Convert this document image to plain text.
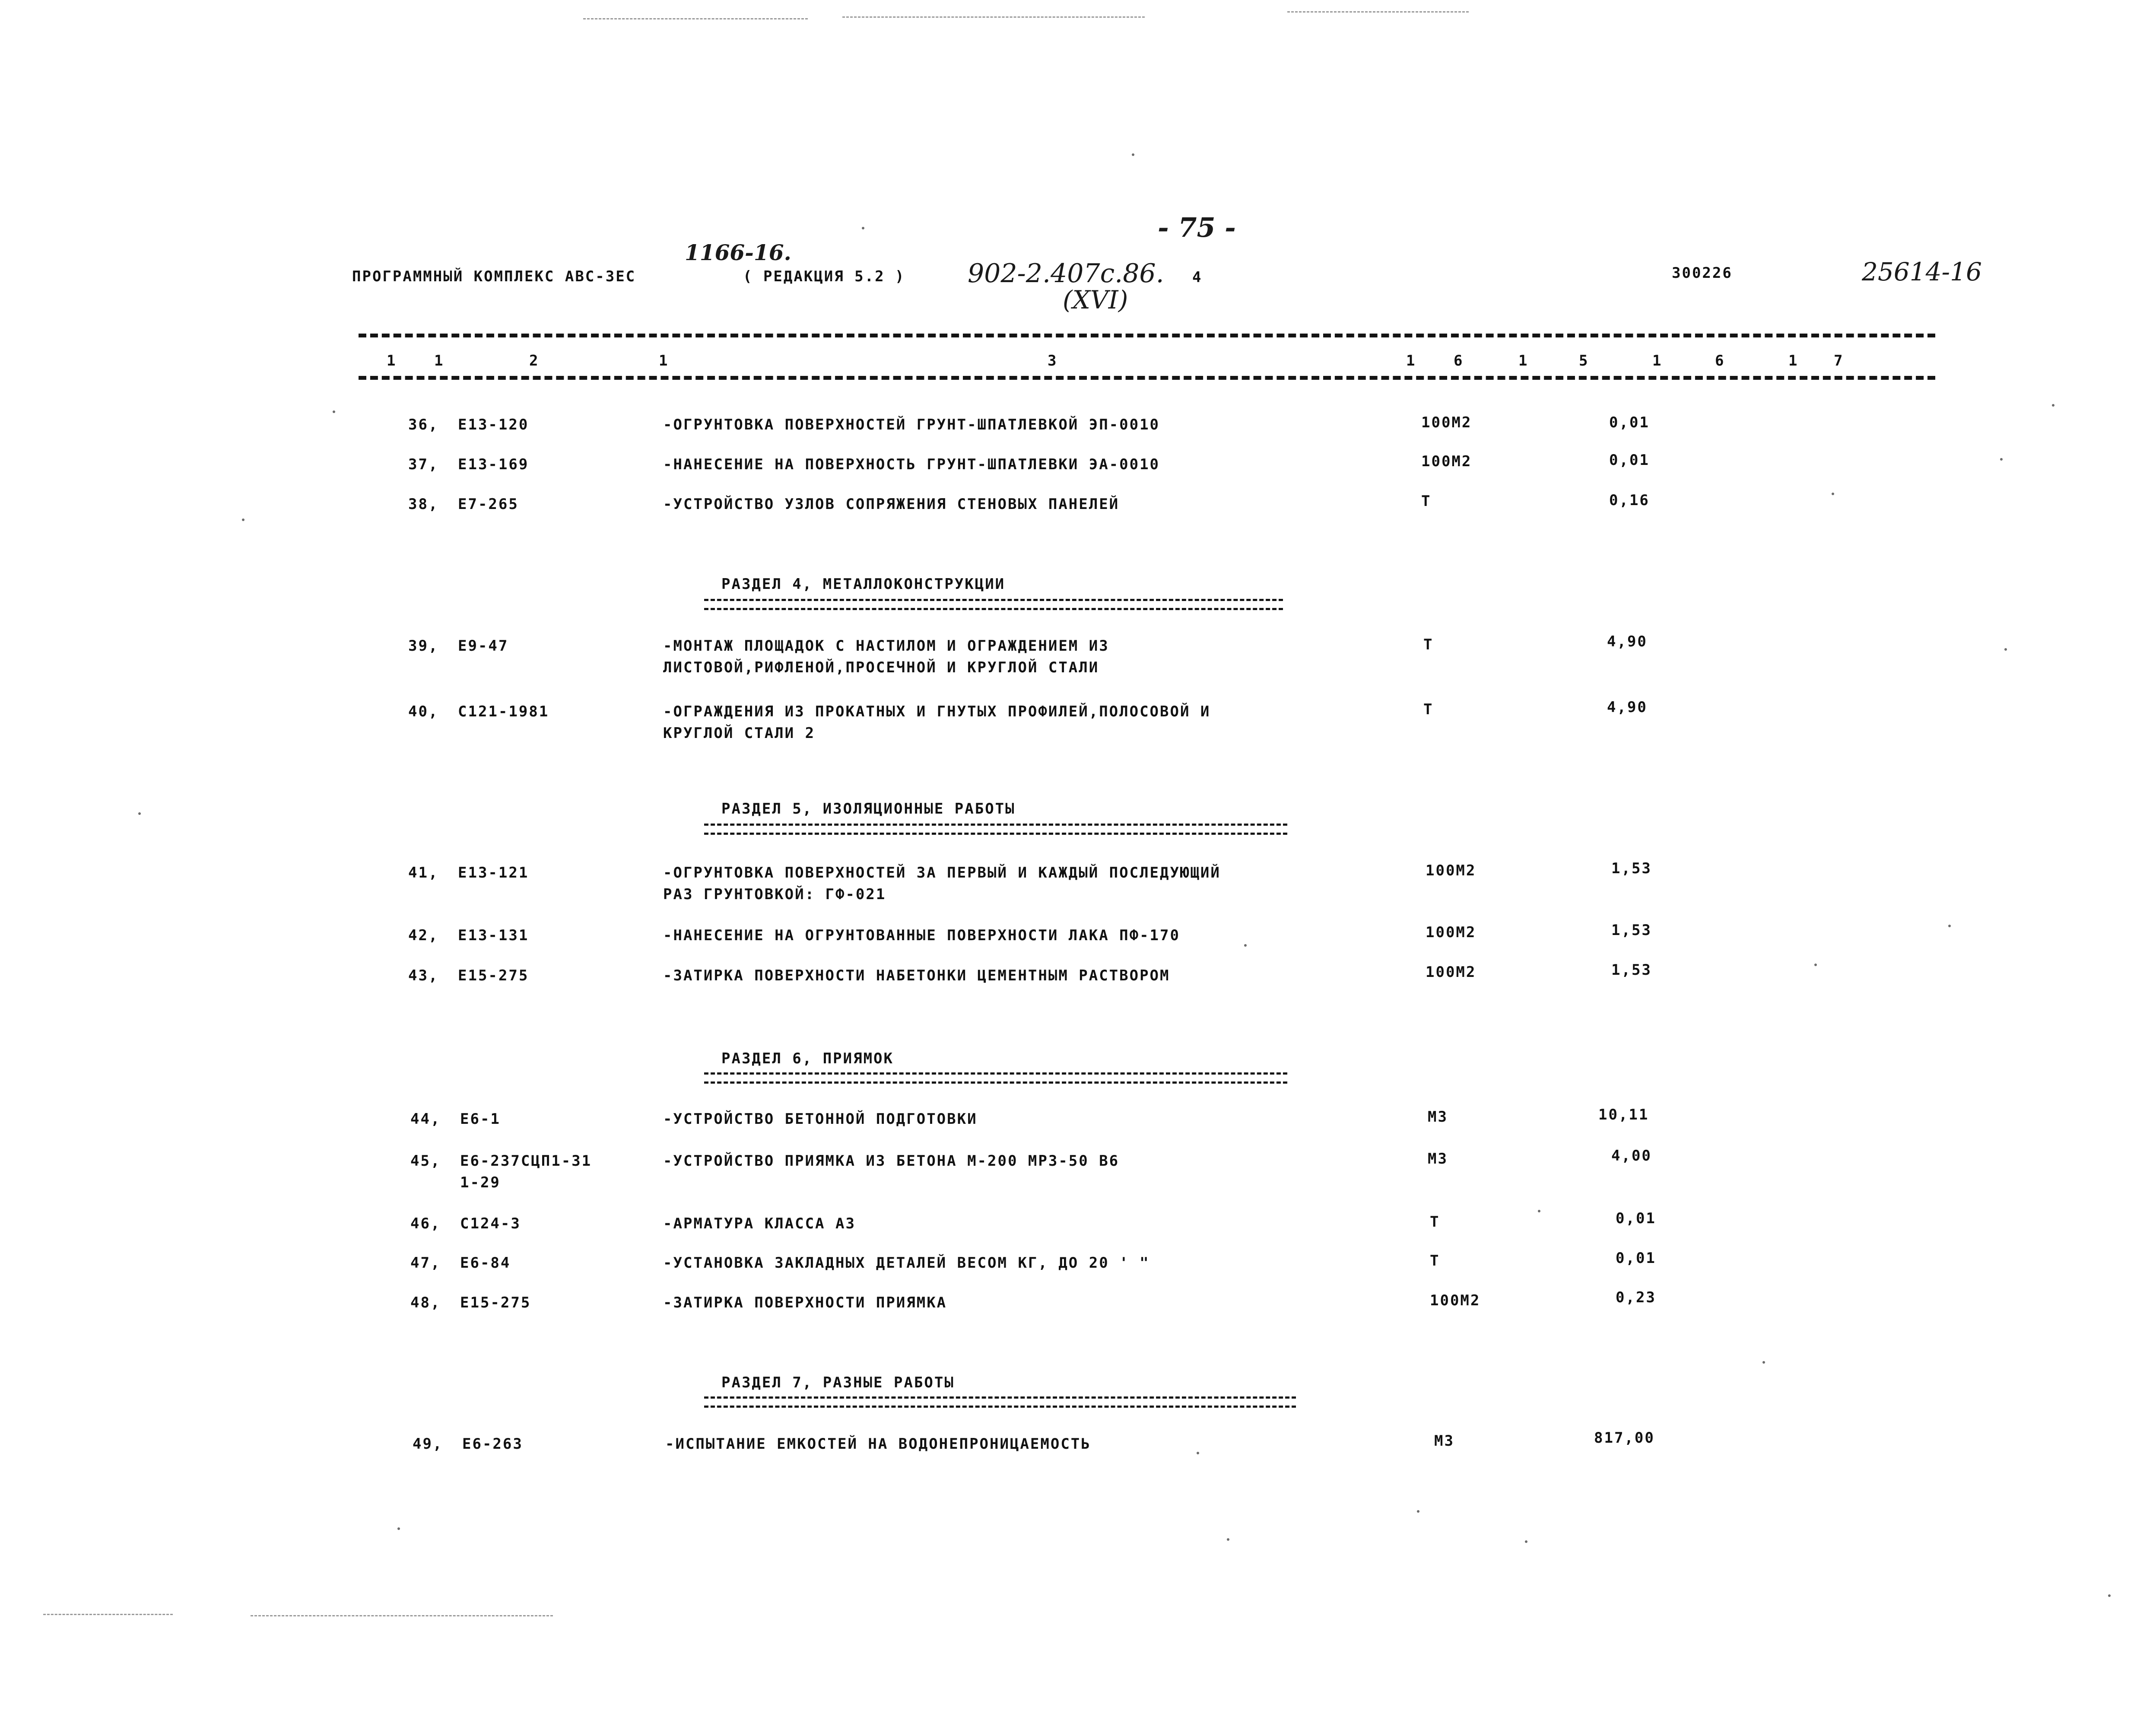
- 75 -
1166-16.
ПРОГРАММНЫЙ КОМПЛЕКС АВС-ЗЕС	( РЕДАКЦИЯ 5.2 ) 902-2.407с.86. 4
(XVI)
300226	25614-16
1	1	2	1	3	1	6	1	5	1	6	1 7
36, Е13-120	-ОГРУНТОВКА ПОВЕРХНОСТЕЙ ГРУНТ-ШПАТЛЕВКОЙ ЭП-0010	100М2	0,01
37, Е13-169	-НАНЕСЕНИЕ НА ПОВЕРХНОСТЬ ГРУНТ-ШПАТЛЕВКИ ЭА-0010	100М2	0,01
38, Е7-265	-УСТРОЙСТВО УЗЛОВ СОПРЯЖЕНИЯ СТЕНОВЫХ ПАНЕЛЕЙ	Т	0,16
РАЗДЕЛ 4, МЕТАЛЛОКОНСТРУКЦИИ
39, Е9-47	-МОНТАЖ ПЛОЩАДОК С НАСТИЛОМ И ОГРАЖДЕНИЕМ ИЗ
ЛИСТОВОЙ,РИФЛЕНОЙ,ПРОСЕЧНОЙ И КРУГЛОЙ СТАЛИ
Т	4,90
40, С121-1981	-ОГРАЖДЕНИЯ ИЗ ПРОКАТНЫХ И ГНУТЫХ ПРОФИЛЕЙ,ПОЛОСОВОЙ И
КРУГЛОЙ СТАЛИ 2
Т	4,90
РАЗДЕЛ 5, ИЗОЛЯЦИОННЫЕ РАБОТЫ
41, Е13-121	-ОГРУНТОВКА ПОВЕРХНОСТЕЙ ЗА ПЕРВЫЙ И КАЖДЫЙ ПОСЛЕДУЮЩИЙ
РАЗ ГРУНТОВКОЙ: ГФ-021
100М2	1,53
42, Е13-131	-НАНЕСЕНИЕ НА ОГРУНТОВАННЫЕ ПОВЕРХНОСТИ ЛАКА ПФ-170	100М2	1,53
43, Е15-275	-ЗАТИРКА ПОВЕРХНОСТИ НАБЕТОНКИ ЦЕМЕНТНЫМ РАСТВОРОМ	100М2	1,53
РАЗДЕЛ 6, ПРИЯМОК
44, Е6-1	-УСТРОЙСТВО БЕТОННОЙ ПОДГОТОВКИ	М3	10,11
45, Е6-237СЦП1-31
1-29
-УСТРОЙСТВО ПРИЯМКА ИЗ БЕТОНА М-200 МРЗ-50 В6	М3	4,00
46, С124-3	-АРМАТУРА КЛАССА А3	Т	0,01
47, Е6-84	-УСТАНОВКА ЗАКЛАДНЫХ ДЕТАЛЕЙ ВЕСОМ КГ, ДО 20 ' "	Т	0,01
48, Е15-275	-ЗАТИРКА ПОВЕРХНОСТИ ПРИЯМКА	100М2	0,23
РАЗДЕЛ 7, РАЗНЫЕ РАБОТЫ
49, Е6-263	-ИСПЫТАНИЕ ЕМКОСТЕЙ НА ВОДОНЕПРОНИЦАЕМОСТЬ	М3	817,00
